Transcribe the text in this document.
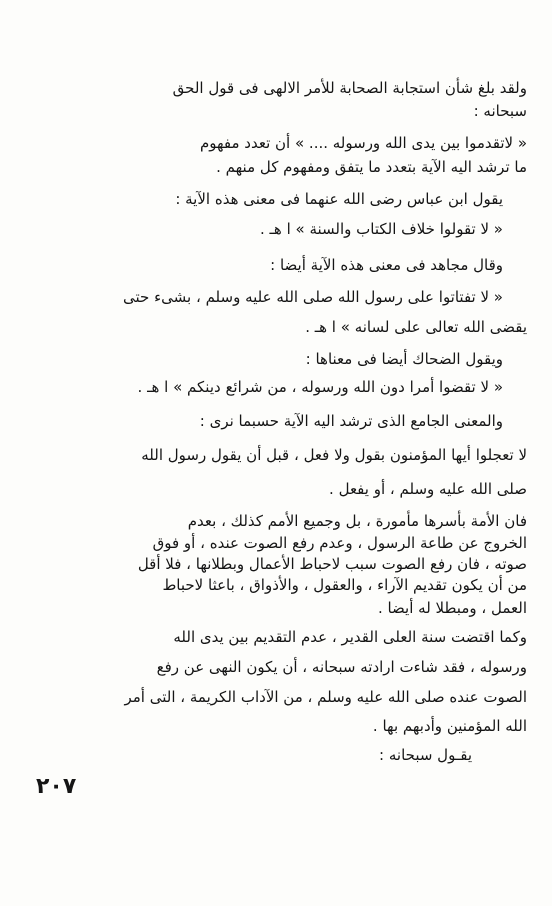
ولقد بلغ شأن استجابة الصحابة للأمر الالهى فى قول الحق
سبحانه :
« لاتقدموا بين يدى الله ورسوله .... » أن تعدد مفهوم
ما ترشد اليه الآية بتعدد ما يتفق ومفهوم كل منهم .
يقول ابن عباس رضى الله عنهما فى معنى هذه الآية :
« لا تقولوا خلاف الكتاب والسنة » ا هـ .
وقال مجاهد فى معنى هذه الآية أيضا :
« لا تفتاتوا على رسول الله صلى الله عليه وسلم ، بشىء حتى
يقضى الله تعالى على لسانه » ا هـ .
ويقول الضحاك أيضا فى معناها :
« لا تقضوا أمرا دون الله ورسوله ، من شرائع دينكم » ا هـ .
والمعنى الجامع الذى ترشد اليه الآية حسبما نرى :
لا تعجلوا أيها المؤمنون بقول ولا فعل ، قبل أن يقول رسول الله
صلى الله عليه وسلم ، أو يفعل .
فان الأمة بأسرها مأمورة ، بل وجميع الأمم كذلك ، بعدم
الخروج عن طاعة الرسول ، وعدم رفع الصوت عنده ، أو فوق
صوته ، فان رفع الصوت سبب لاحباط الأعمال وبطلانها ، فلا أقل
من أن يكون تقديم الآراء ، والعقول ، والأذواق ، باعثا لاحباط
العمل ، ومبطلا له أيضا .
وكما اقتضت سنة العلى القدير ، عدم التقديم بين يدى الله
ورسوله ، فقد شاءت ارادته سبحانه ، أن يكون النهى عن رفع
الصوت عنده صلى الله عليه وسلم ، من الآداب الكريمة ، التى أمر
الله المؤمنين وأدبهم بها .
يقـول سبحانه :
٢٠٧
